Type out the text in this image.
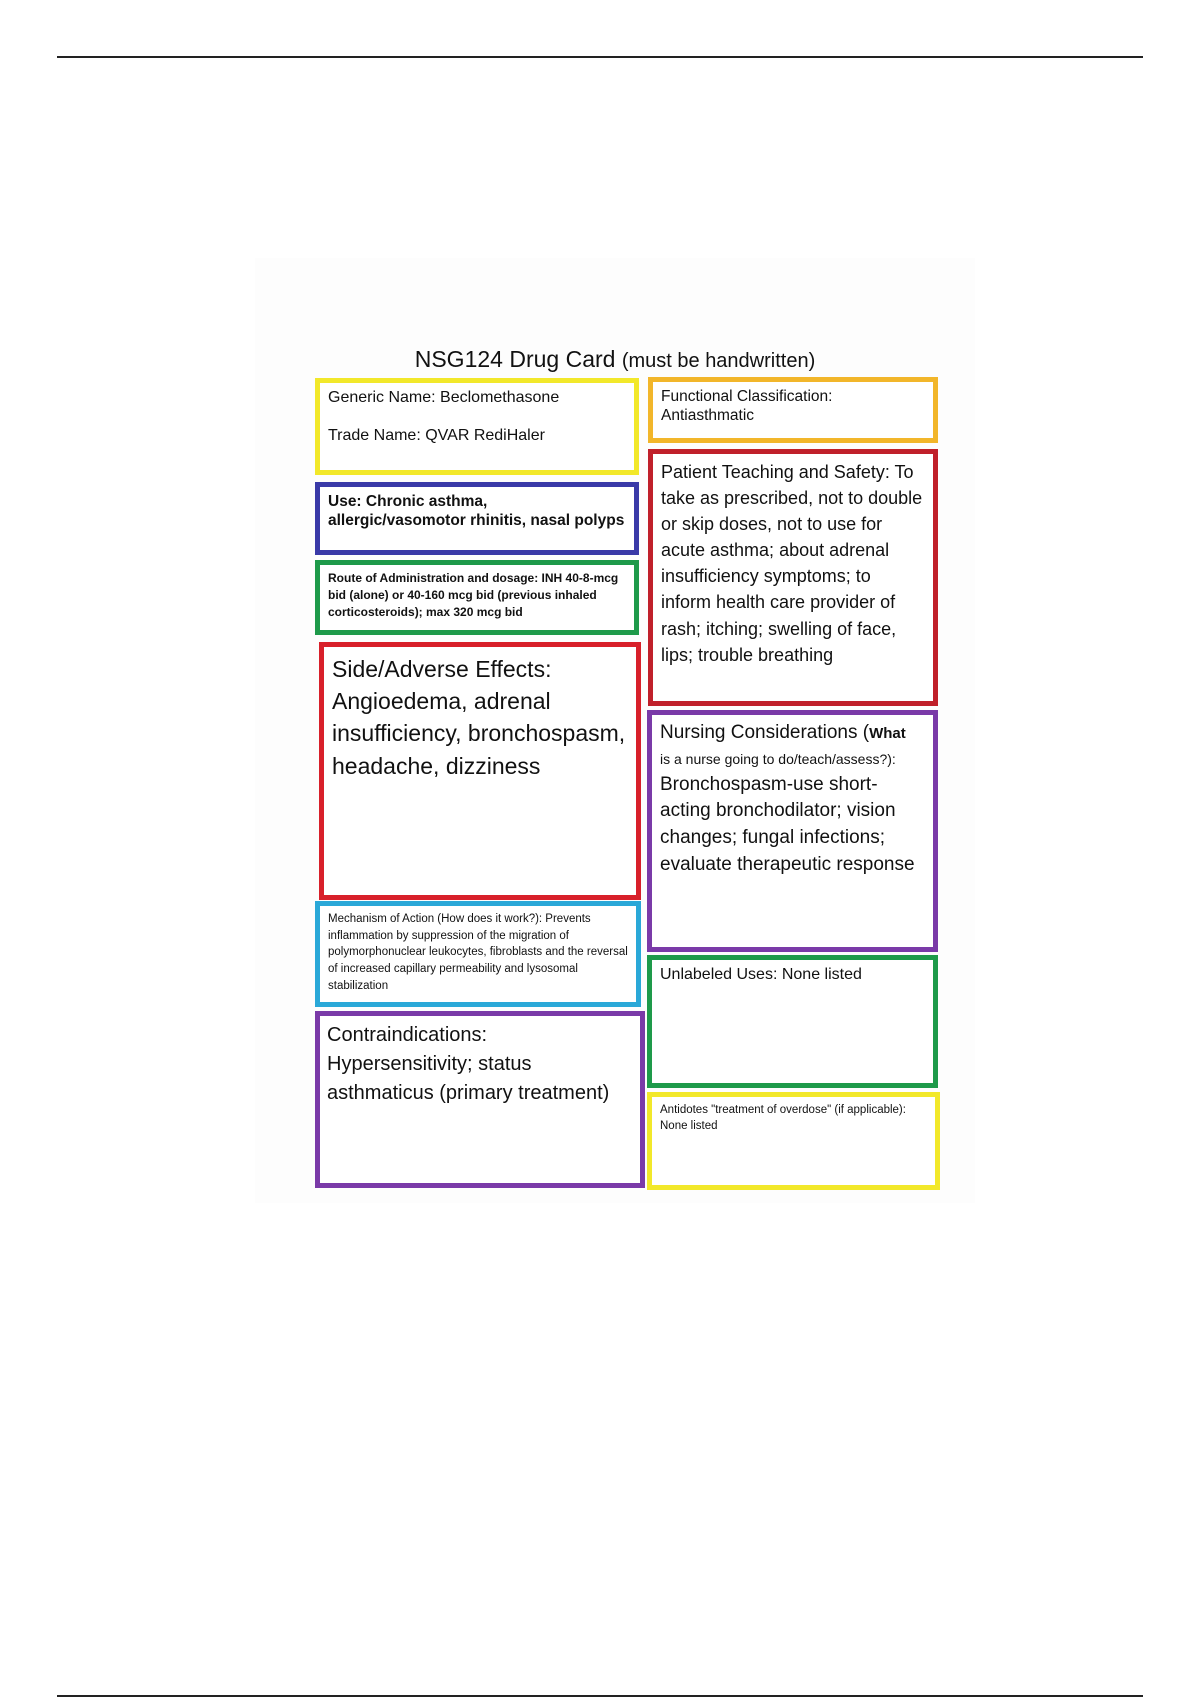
NSG124 Drug Card (must be handwritten)

Generic Name: Beclomethasone

Trade Name: QVAR RediHaler

Functional Classification: Antiasthmatic

Use: Chronic asthma, allergic/vasomotor rhinitis, nasal polyps

Route of Administration and dosage: INH 40-8-mcg bid (alone) or 40-160 mcg bid (previous inhaled corticosteroids); max 320 mcg bid

Side/Adverse Effects: Angioedema, adrenal insufficiency, bronchospasm, headache, dizziness

Mechanism of Action (How does it work?): Prevents inflammation by suppression of the migration of polymorphonuclear leukocytes, fibroblasts and the reversal of increased capillary permeability and lysosomal stabilization

Contraindications: Hypersensitivity; status asthmaticus (primary treatment)

Patient Teaching and Safety: To take as prescribed, not to double or skip doses, not to use for acute asthma; about adrenal insufficiency symptoms; to inform health care provider of rash; itching; swelling of face, lips; trouble breathing

Nursing Considerations (What

is a nurse going to do/teach/assess?):

Bronchospasm-use short-acting bronchodilator; vision changes; fungal infections; evaluate therapeutic response

Unlabeled Uses: None listed

Antidotes "treatment of overdose" (if applicable): None listed
